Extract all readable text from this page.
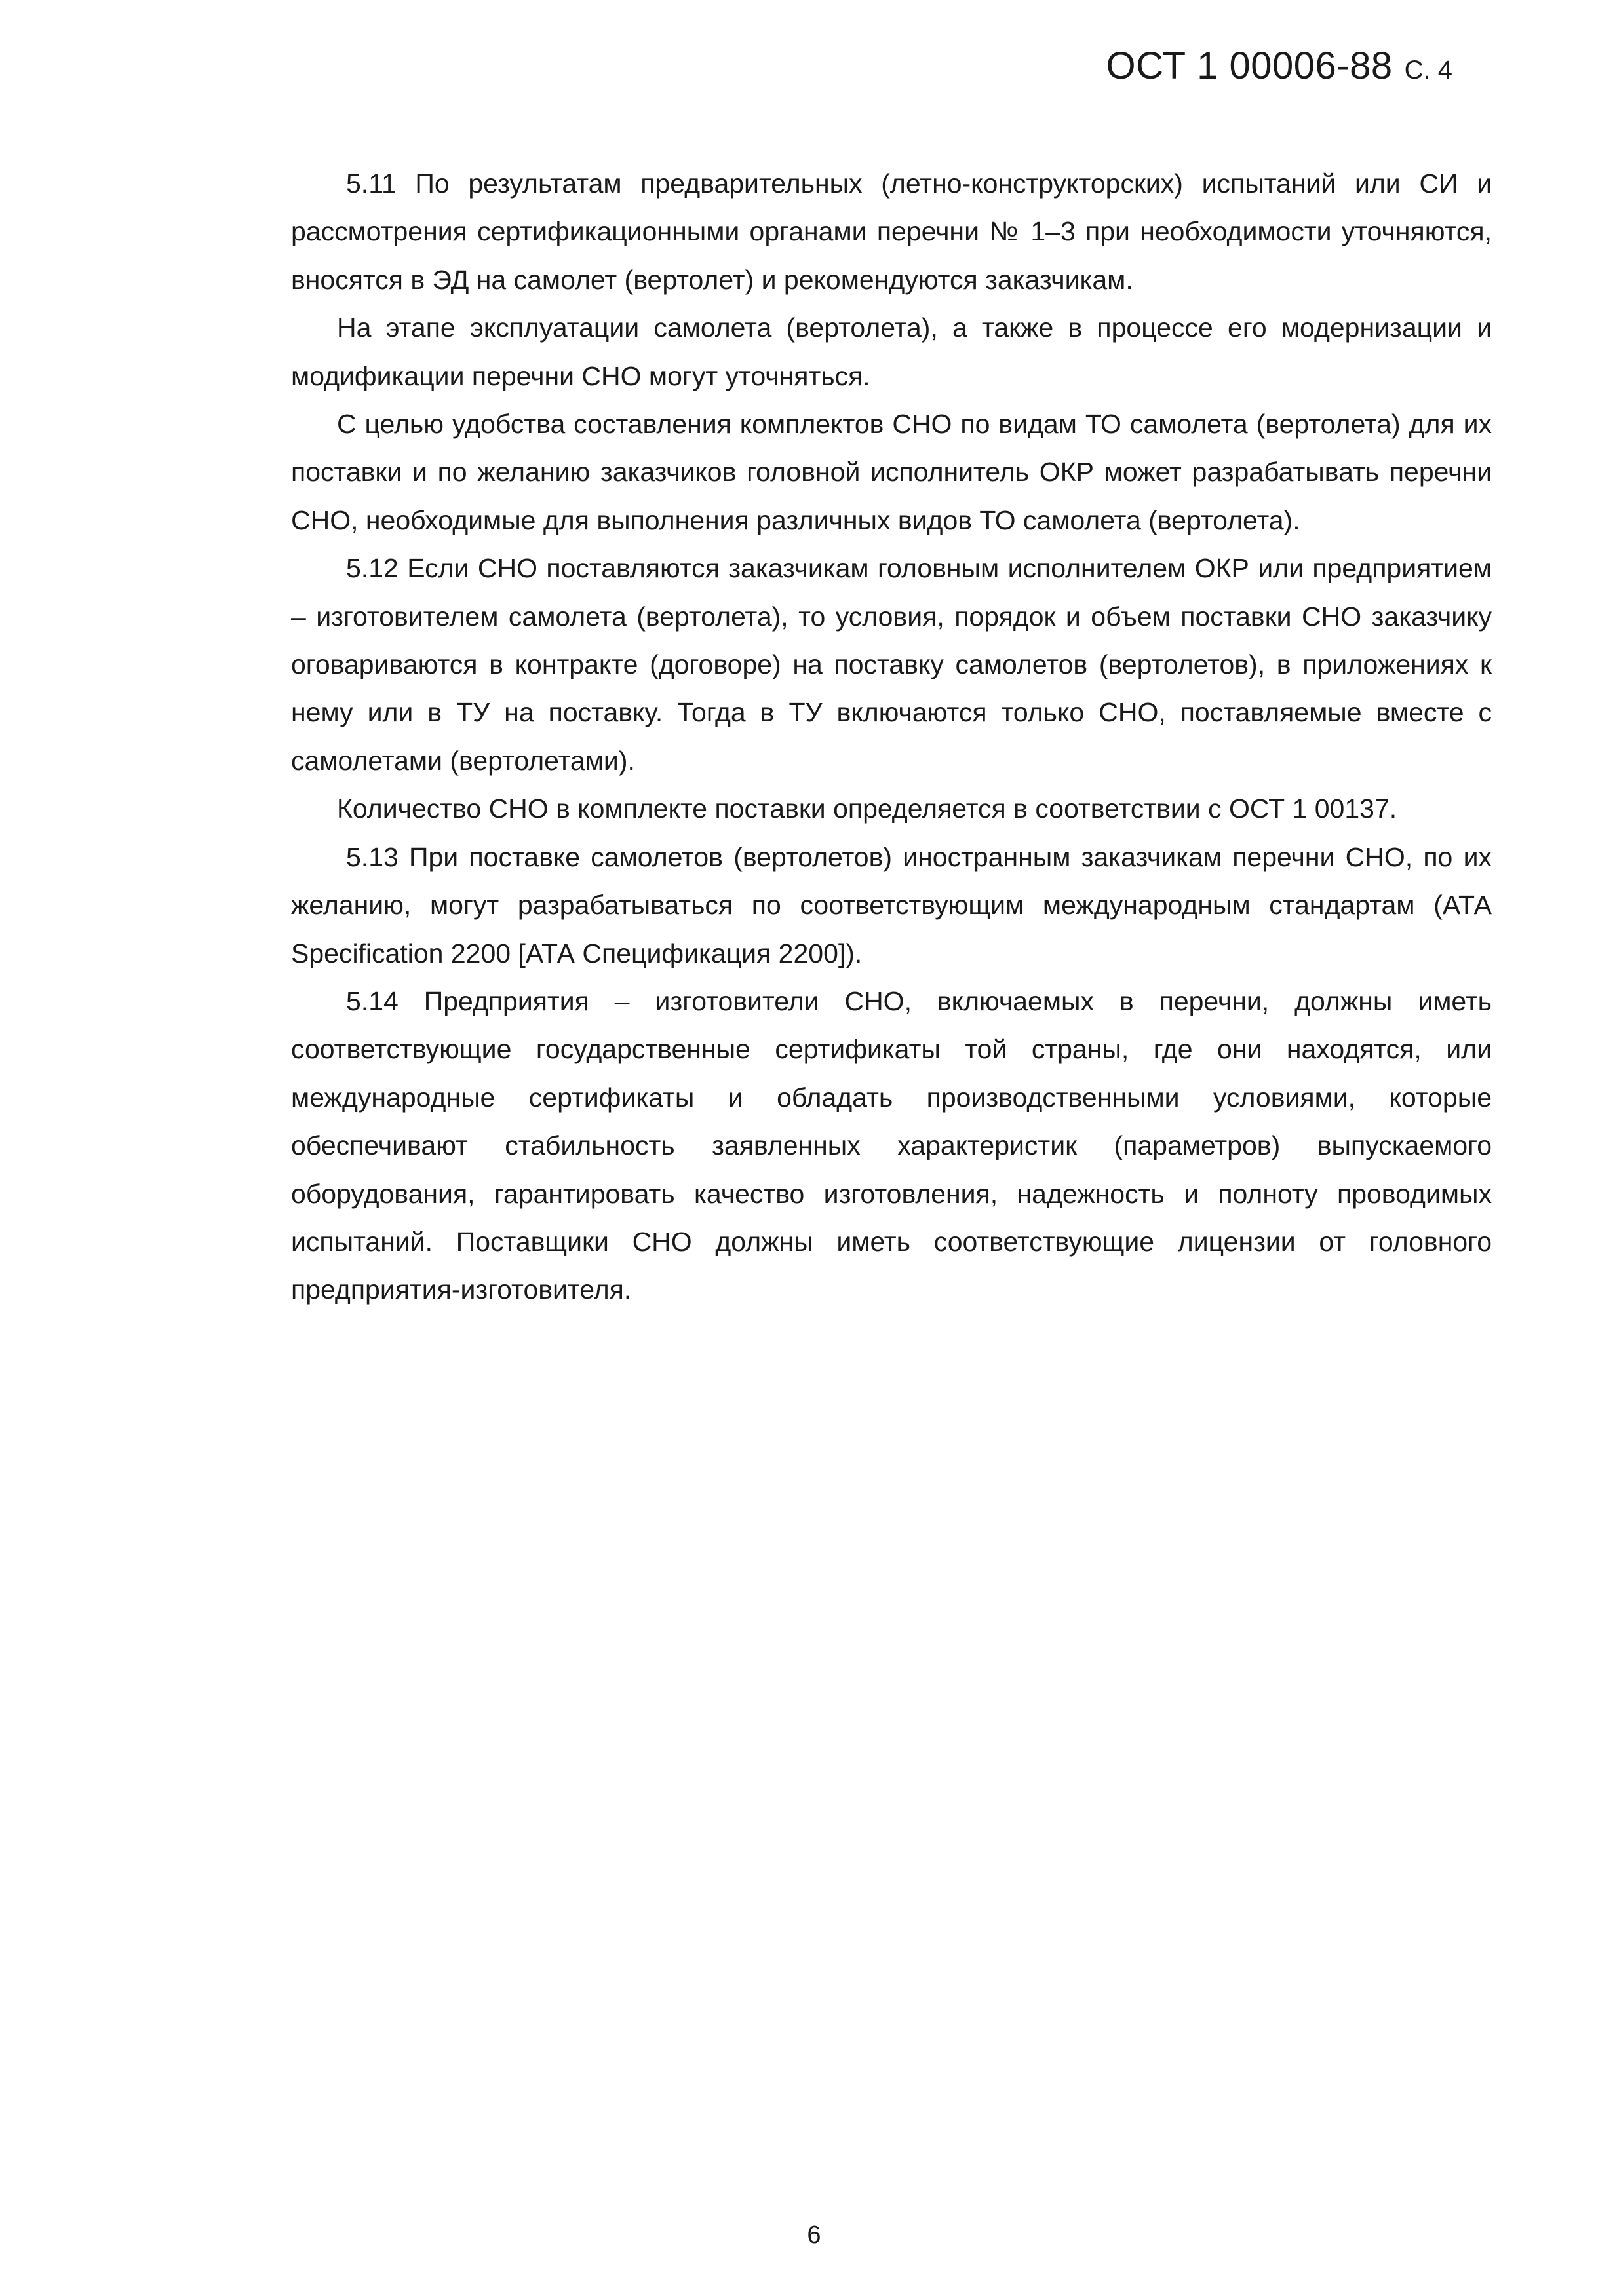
ОСТ 1 00006-88 С. 4

5.11 По результатам предварительных (летно-конструкторских) испытаний или СИ и рассмотрения сертификационными органами перечни № 1–3 при необходимости уточняются, вносятся в ЭД на самолет (вертолет) и рекомендуются заказчикам.

На этапе эксплуатации самолета (вертолета), а также в процессе его модернизации и модификации перечни СНО могут уточняться.

С целью удобства составления комплектов СНО по видам ТО самолета (вертолета) для их поставки и по желанию заказчиков головной исполнитель ОКР может разрабатывать перечни СНО, необходимые для выполнения различных видов ТО самолета (вертолета).

5.12 Если СНО поставляются заказчикам головным исполнителем ОКР или предприятием – изготовителем самолета (вертолета), то условия, порядок и объем поставки СНО заказчику оговариваются в контракте (договоре) на поставку самолетов (вертолетов), в приложениях к нему или в ТУ на поставку. Тогда в ТУ включаются только СНО, поставляемые вместе с самолетами (вертолетами).

Количество СНО в комплекте поставки определяется в соответствии с ОСТ 1 00137.

5.13 При поставке самолетов (вертолетов) иностранным заказчикам перечни СНО, по их желанию, могут разрабатываться по соответствующим международным стандартам (АТА Specification 2200 [АТА Спецификация 2200]).

5.14 Предприятия – изготовители СНО, включаемых в перечни, должны иметь соответствующие государственные сертификаты той страны, где они находятся, или международные сертификаты и обладать производственными условиями, которые обеспечивают стабильность заявленных характеристик (параметров) выпускаемого оборудования, гарантировать качество изготовления, надежность и полноту проводимых испытаний. Поставщики СНО должны иметь соответствующие лицензии от головного предприятия-изготовителя.

6
